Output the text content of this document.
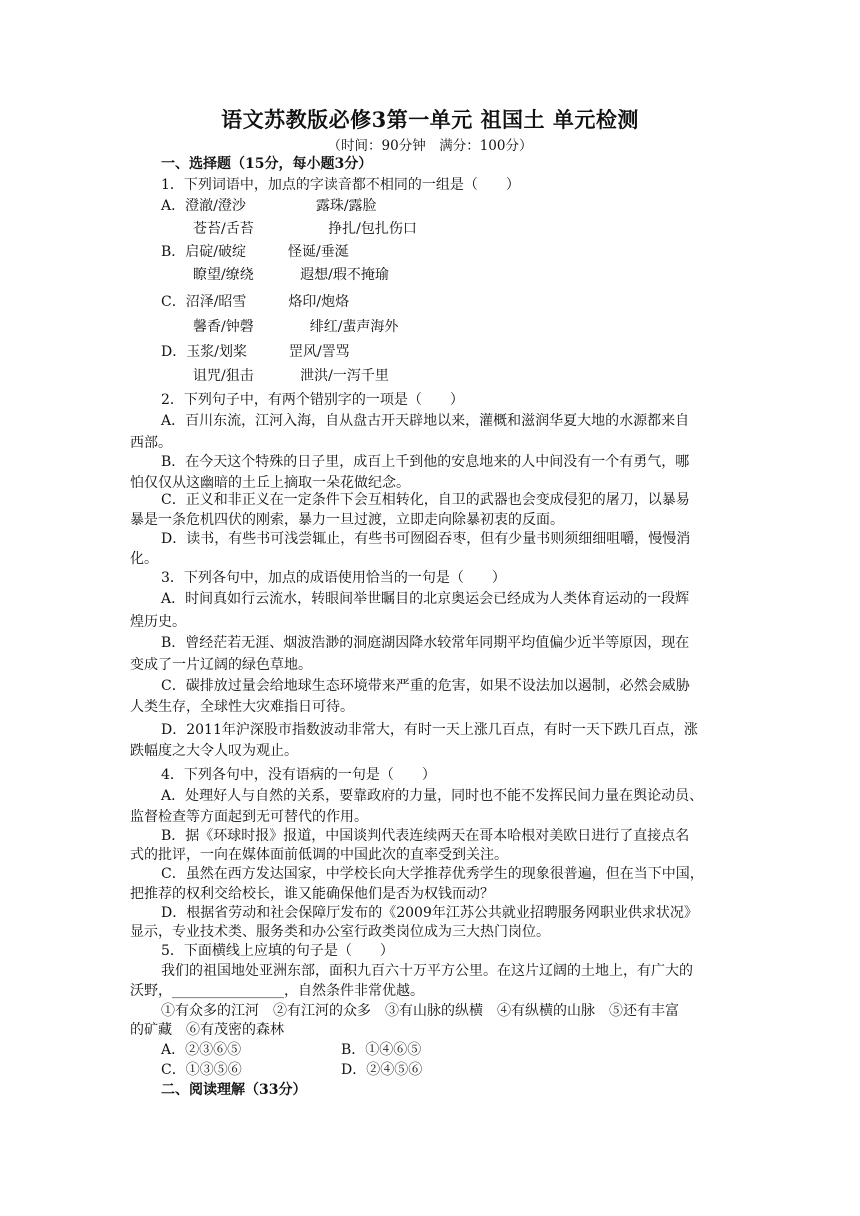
语文苏教版必修3第一单元 祖国土 单元检测
（时间：90分钟　满分：100分）
一、选择题（15分，每小题3分）
1．下列词语中，加点的字读音都不相同的一组是（　　）
A．澄澈/澄沙　　　　　露珠/露脸
苍苔/舌苔　　　　　 挣扎/包扎伤口
B．启碇/破绽　　　怪诞/垂涎
瞭望/缭绕　　　 遐想/瑕不掩瑜
C．沼泽/昭雪　　　烙印/炮烙
馨香/钟磬　　　　绯红/蜚声海外
D．玉浆/划桨　　　罡风/詈骂
诅咒/狙击　　　 泄洪/一泻千里
2．下列句子中，有两个错别字的一项是（　　）
A．百川东流，江河入海，自从盘古开天辟地以来，灌概和滋润华夏大地的水源都来自
西部。
B．在今天这个特殊的日子里，成百上千到他的安息地来的人中间没有一个有勇气，哪
怕仅仅从这幽暗的土丘上摘取一朵花做纪念。
C．正义和非正义在一定条件下会互相转化，自卫的武器也会变成侵犯的屠刀，以暴易
暴是一条危机四伏的刚索，暴力一旦过渡，立即走向除暴初衷的反面。
D．读书，有些书可浅尝辄止，有些书可囫囵吞枣，但有少量书则须细细咀嚼，慢慢消
化。
3．下列各句中，加点的成语使用恰当的一句是（　　）
A．时间真如行云流水，转眼间举世瞩目的北京奥运会已经成为人类体育运动的一段辉
煌历史。
B．曾经茫若无涯、烟波浩渺的洞庭湖因降水较常年同期平均值偏少近半等原因，现在
变成了一片辽阔的绿色草地。
C．碳排放过量会给地球生态环境带来严重的危害，如果不设法加以遏制，必然会威胁
人类生存，全球性大灾难指日可待。
D．2011年沪深股市指数波动非常大，有时一天上涨几百点，有时一天下跌几百点，涨
跌幅度之大令人叹为观止。
4．下列各句中，没有语病的一句是（　　）
A．处理好人与自然的关系，要靠政府的力量，同时也不能不发挥民间力量在舆论动员、
监督检查等方面起到无可替代的作用。
B．据《环球时报》报道，中国谈判代表连续两天在哥本哈根对美欧日进行了直接点名
式的批评，一向在媒体面前低调的中国此次的直率受到关注。
C．虽然在西方发达国家，中学校长向大学推荐优秀学生的现象很普遍，但在当下中国，
把推荐的权利交给校长，谁又能确保他们是否为权钱而动？
D．根据省劳动和社会保障厅发布的《2009年江苏公共就业招聘服务网职业供求状况》
显示，专业技术类、服务类和办公室行政类岗位成为三大热门岗位。
5．下面横线上应填的句子是（　　）
我们的祖国地处亚洲东部，面积九百六十万平方公里。在这片辽阔的土地上，有广大的
沃野，________________，自然条件非常优越。
①有众多的江河　②有江河的众多　③有山脉的纵横　④有纵横的山脉　⑤还有丰富
的矿藏　⑥有茂密的森林
A．②③⑥⑤	B．①④⑥⑤
C．①③⑤⑥	D．②④⑤⑥
二、阅读理解（33分）
